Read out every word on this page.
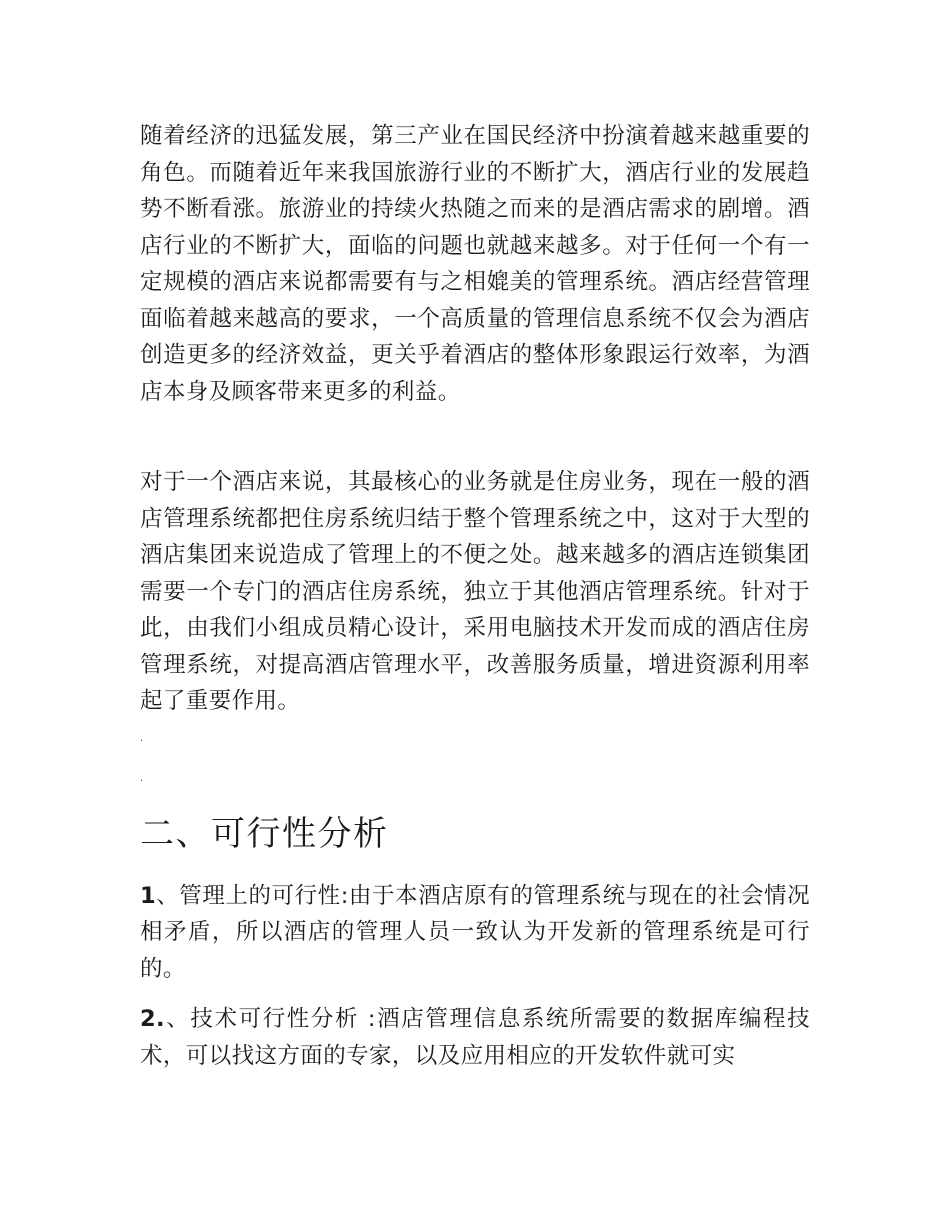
随着经济的迅猛发展，第三产业在国民经济中扮演着越来越重要的角色。而随着近年来我国旅游行业的不断扩大，酒店行业的发展趋势不断看涨。旅游业的持续火热随之而来的是酒店需求的剧增。酒店行业的不断扩大，面临的问题也就越来越多。对于任何一个有一定规模的酒店来说都需要有与之相媲美的管理系统。酒店经营管理面临着越来越高的要求，一个高质量的管理信息系统不仅会为酒店创造更多的经济效益，更关乎着酒店的整体形象跟运行效率，为酒店本身及顾客带来更多的利益。

对于一个酒店来说，其最核心的业务就是住房业务，现在一般的酒店管理系统都把住房系统归结于整个管理系统之中，这对于大型的酒店集团来说造成了管理上的不便之处。越来越多的酒店连锁集团需要一个专门的酒店住房系统，独立于其他酒店管理系统。针对于此，由我们小组成员精心设计，采用电脑技术开发而成的酒店住房管理系统，对提高酒店管理水平，改善服务质量，增进资源利用率起了重要作用。

.

.

二、可行性分析

1、管理上的可行性:由于本酒店原有的管理系统与现在的社会情况相矛盾，所以酒店的管理人员一致认为开发新的管理系统是可行的。

2.、技术可行性分析 :酒店管理信息系统所需要的数据库编程技术，可以找这方面的专家，以及应用相应的开发软件就可实
